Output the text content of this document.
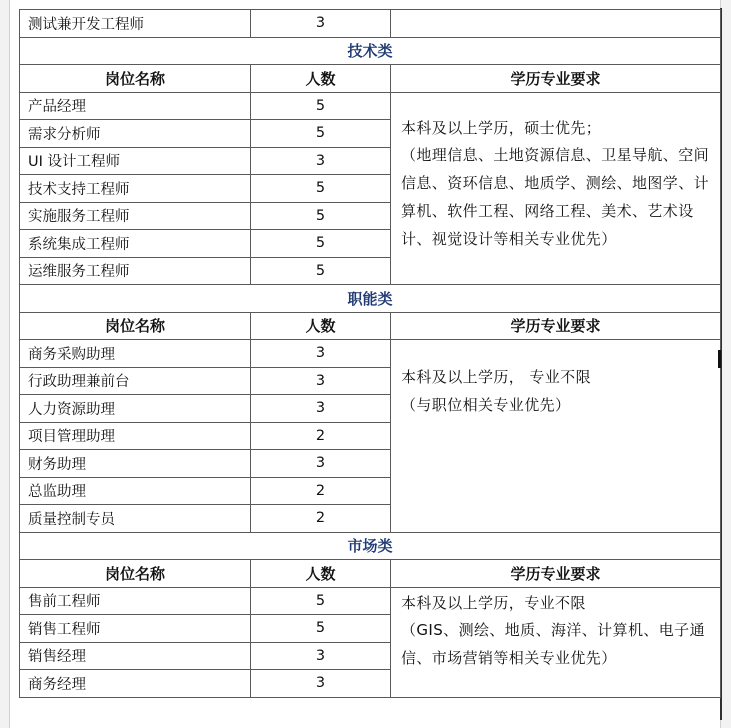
测试兼开发工程师	3	
技术类		
岗位名称	人数	学历专业要求
产品经理	5	本科及以上学历，硕士优先；

（地理信息、土地资源信息、卫星导航、空间信息、资环信息、地质学、测绘、地图学、计算机、软件工程、网络工程、美术、艺术设计、视觉设计等相关专业优先）

需求分析师	5	
UI 设计工程师	3	
技术支持工程师	5	
实施服务工程师	5	
系统集成工程师	5	
运维服务工程师	5	
职能类		
岗位名称	人数	学历专业要求
商务采购助理	3	本科及以上学历， 专业不限

（与职位相关专业优先）

行政助理兼前台	3	
人力资源助理	3	
项目管理助理	2	
财务助理	3	
总监助理	2	
质量控制专员	2	
市场类		
岗位名称	人数	学历专业要求
售前工程师	5	本科及以上学历，专业不限

（GIS、测绘、地质、海洋、计算机、电子通信、市场营销等相关专业优先）

销售工程师	5	
销售经理	3	
商务经理	3	
